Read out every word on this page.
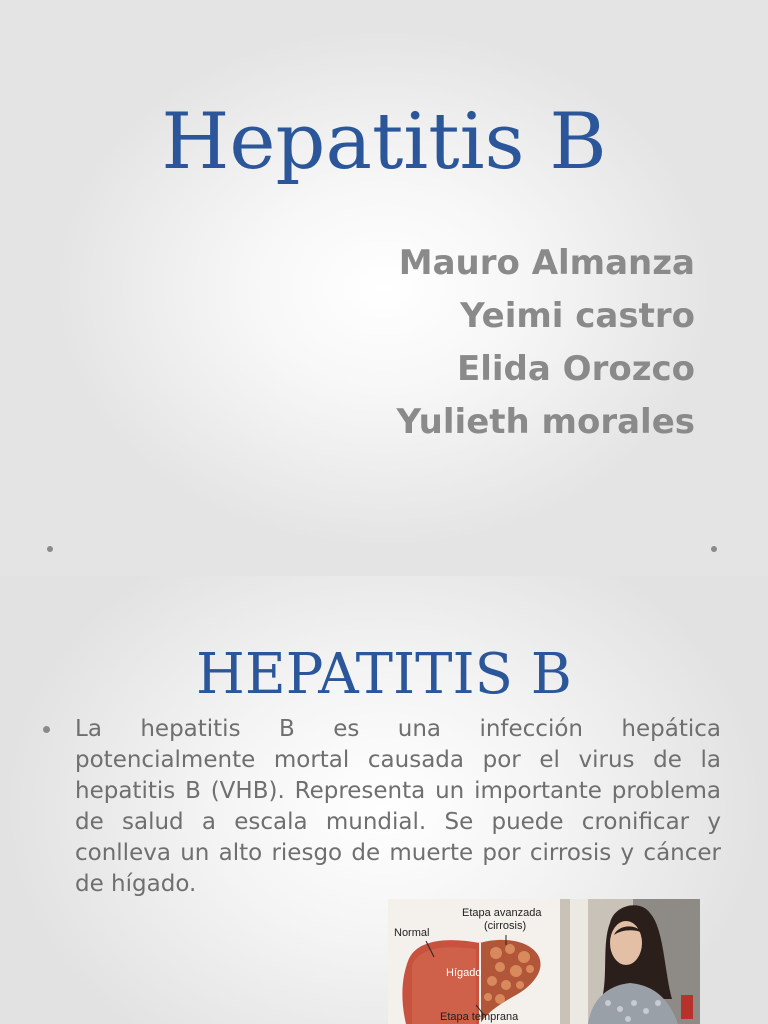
Hepatitis B
Mauro Almanza
Yeimi castro
Elida Orozco
Yulieth morales
HEPATITIS B
La hepatitis B es una infección hepática potencialmente mortal causada por el virus de la hepatitis B (VHB). Representa un importante problema de salud a escala mundial. Se puede cronificar y conlleva un alto riesgo de muerte por cirrosis y cáncer de hígado.
Etapa avanzada
(cirrosis)
Normal
Hígado
Etapa temprana
